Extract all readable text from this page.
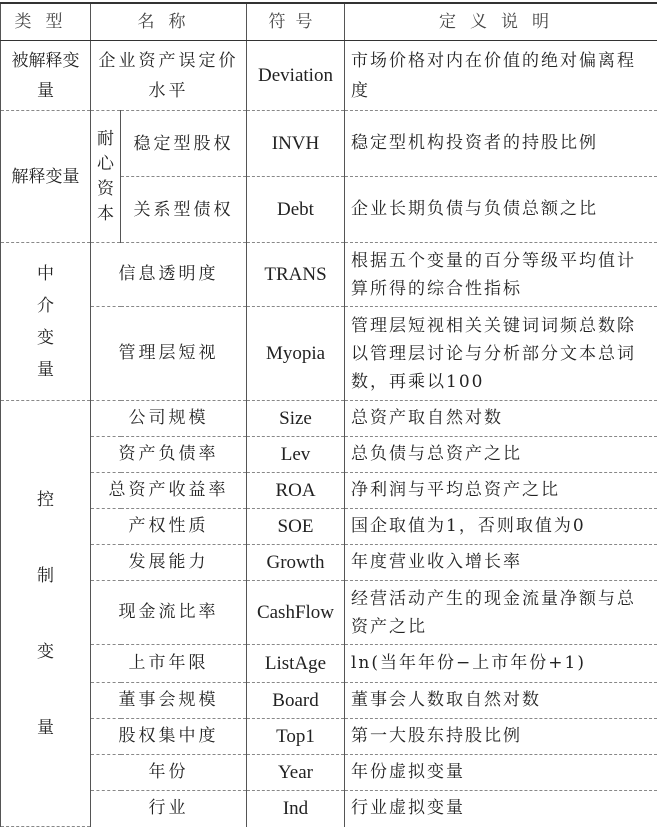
类型	名称		符号	定义说明
被解释变量	企业资产误定价水平		Deviation	市场价格对内在价值的绝对偏离程度
解释变量	耐心资本	稳定型股权	INVH	稳定型机构投资者的持股比例
		关系型债权	Debt	企业长期负债与负债总额之比
中介变量	信息透明度		TRANS	根据五个变量的百分等级平均值计算所得的综合性指标
	管理层短视		Myopia	管理层短视相关关键词词频总数除以管理层讨论与分析部分文本总词数，再乘以100
控制变量	公司规模		Size	总资产取自然对数
	资产负债率		Lev	总负债与总资产之比
	总资产收益率		ROA	净利润与平均总资产之比
	产权性质		SOE	国企取值为1，否则取值为0
	发展能力		Growth	年度营业收入增长率
	现金流比率		CashFlow	经营活动产生的现金流量净额与总资产之比
	上市年限		ListAge	ln(当年年份−上市年份+1)
	董事会规模		Board	董事会人数取自然对数
	股权集中度		Top1	第一大股东持股比例
	年份		Year	年份虚拟变量
	行业		Ind	行业虚拟变量
